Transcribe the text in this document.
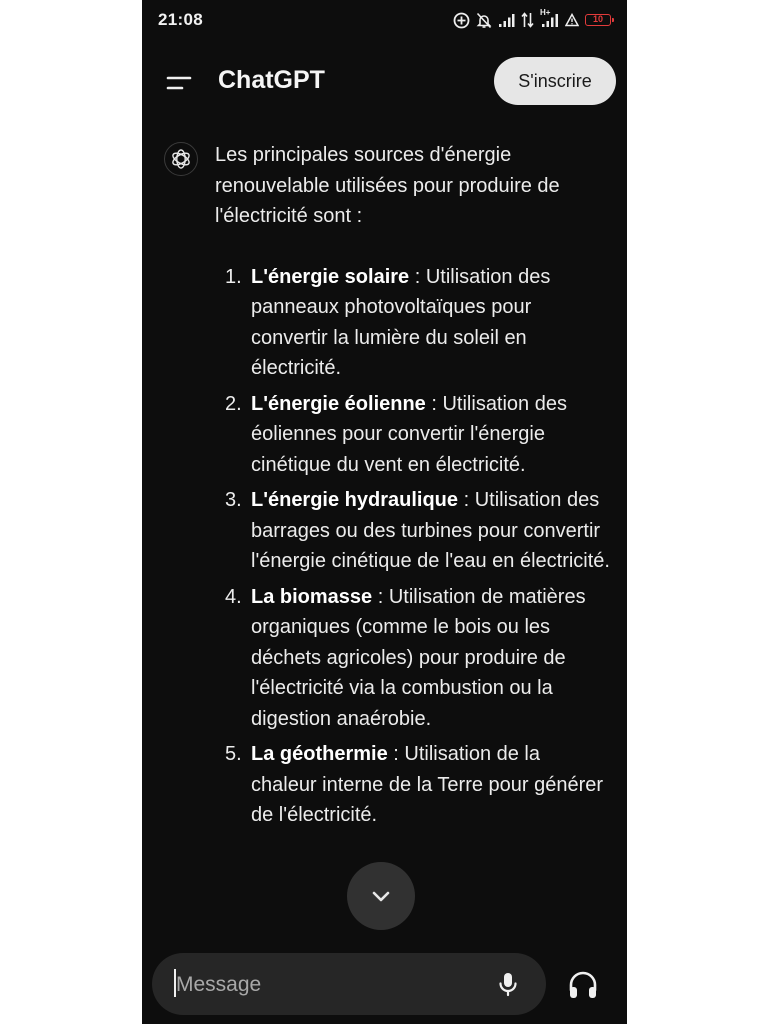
21:08	H+
10
ChatGPT	S'inscrire

Les principales sources d'énergie renouvelable utilisées pour produire de l'électricité sont :

1. L'énergie solaire : Utilisation des panneaux photovoltaïques pour convertir la lumière du soleil en électricité.
2. L'énergie éolienne : Utilisation des éoliennes pour convertir l'énergie cinétique du vent en électricité.
3. L'énergie hydraulique : Utilisation des barrages ou des turbines pour convertir l'énergie cinétique de l'eau en électricité.
4. La biomasse : Utilisation de matières organiques (comme le bois ou les déchets agricoles) pour produire de l'électricité via la combustion ou la digestion anaérobie.
5. La géothermie : Utilisation de la chaleur interne de la Terre pour générer de l'électricité.
Message
